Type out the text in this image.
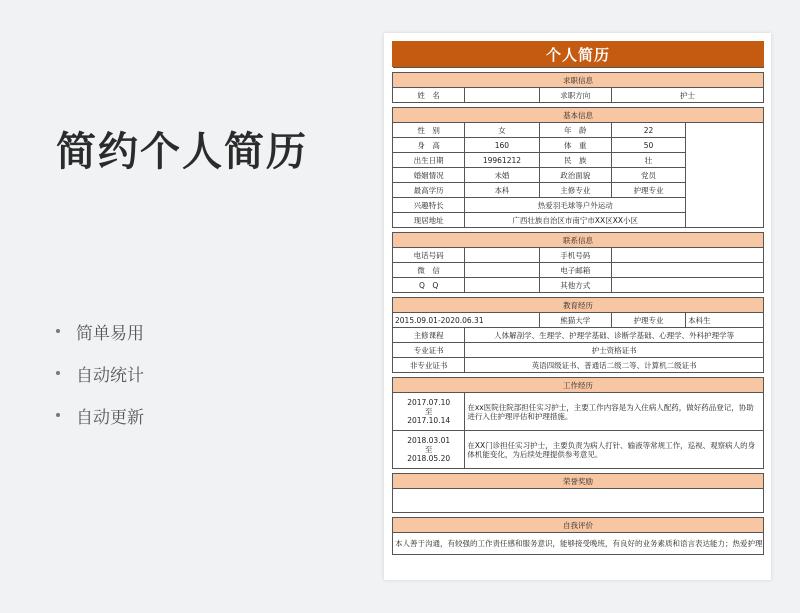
简约个人简历
简单易用
自动统计
自动更新
个人简历

求职信息				
姓　名		求职方向	护士	

基本信息				
性　别	女	年　龄	22	
身　高	160	体　重	50	
出生日期	19961212	民　族	壮	
婚姻情况	未婚	政治面貌	党员	
最高学历	本科	主修专业	护理专业	
兴趣特长	热爱羽毛球等户外运动			
现居地址	广西壮族自治区市南宁市XX区XX小区			

联系信息				
电话号码		手机号码		
微　信		电子邮箱		
Q　Q		其他方式		

教育经历				
2015.09.01-2020.06.31		熊猫大学	护理专业	本科生
主修课程	人体解剖学、生理学、护理学基础、诊断学基础、心理学、外科护理学等			
专业证书	护士资格证书			
非专业证书	英语四级证书、普通话二级二等、计算机二级证书			

工作经历				

2017.07.10
至
2017.10.14	在xx医院住院部担任实习护士，主要工作内容是为入住病人配药，做好药品登记，协助进行入住护理评估和护理措施。			

2018.03.01
至
2018.05.20	在XX门诊担任实习护士，主要负责为病人打针、输液等常规工作，巡视、观察病人的身体机能变化，为后续处理提供参考意见。			

荣誉奖励				

自我评价				
本人善于沟通，有较强的工作责任感和服务意识，能够接受晚班，有良好的业务素质和语言表达能力；热爱护理				
